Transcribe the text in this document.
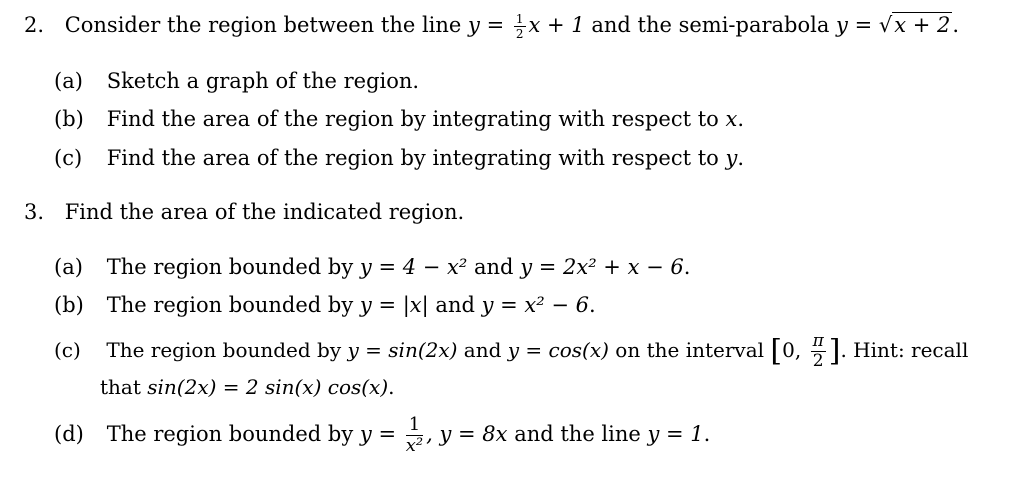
2. Consider the region between the line $y = \frac{1}{2}$ x + 1 and the semi-parabola y = √x + 2.
(a) Sketch a graph of the region.
(b) Find the area of the region by integrating with respect to x.
(c) Find the area of the region by integrating with respect to y.
3. Find the area of the indicated region.
(a) The region bounded by y = 4 − x² and y = 2x² + x − 6.
(b) The region bounded by y = |x| and y = x² − 6.
(c) The region bounded by y = sin(2x) and y = cos(x) on the interval [0, $\frac{\pi}{2}$ ]. Hint: recall
that sin(2x) = 2 sin(x) cos(x).
(d) The region bounded by $y = \frac{1}{\text{x²}}$ , y = 8x and the line y = 1.
